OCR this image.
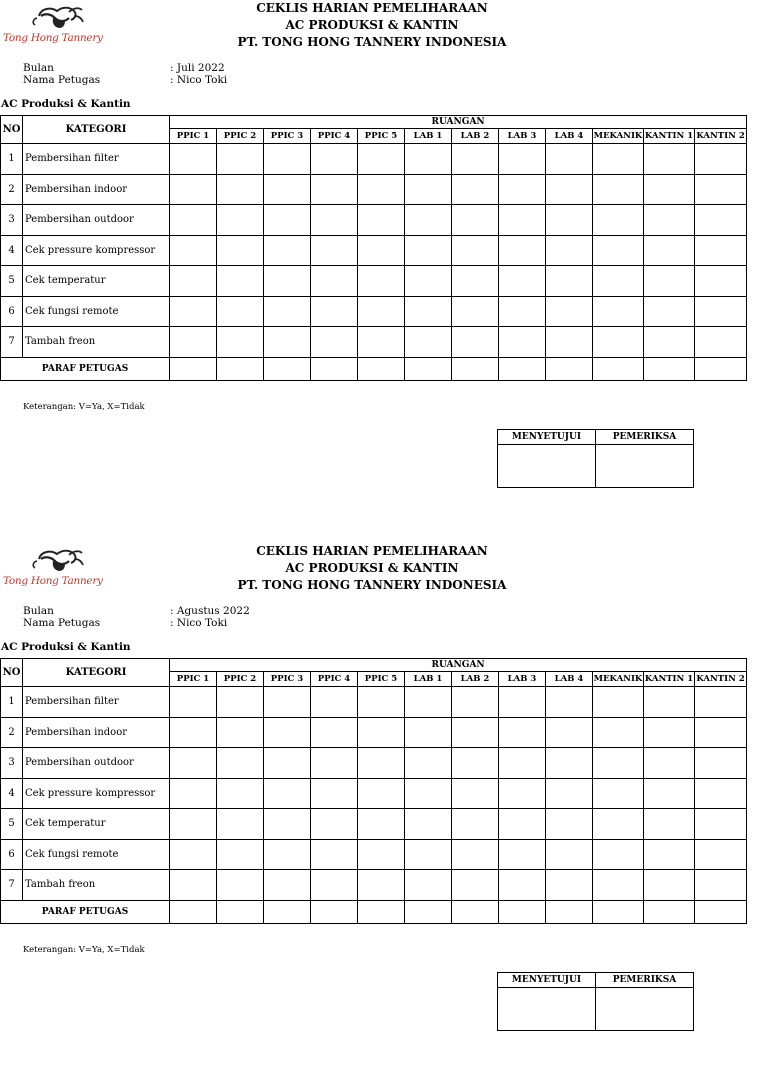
Tong Hong Tannery
CEKLIS HARIAN PEMELIHARAAN
AC PRODUKSI & KANTIN
PT. TONG HONG TANNERY INDONESIA
Bulan	: Juli 2022
Nama Petugas	: Nico Toki
AC Produksi & Kantin
NO	KATEGORI	RUANGAN											
		PPIC 1	PPIC 2	PPIC 3	PPIC 4	PPIC 5	LAB 1	LAB 2	LAB 3	LAB 4	MEKANIK	KANTIN 1	KANTIN 2
1	Pembersihan filter												
2	Pembersihan indoor												
3	Pembersihan outdoor												
4	Cek pressure kompressor												
5	Cek temperatur												
6	Cek fungsi remote												
7	Tambah freon												
PARAF PETUGAS													
Keterangan: V=Ya, X=Tidak
MENYETUJUI	PEMERIKSA

Tong Hong Tannery
CEKLIS HARIAN PEMELIHARAAN
AC PRODUKSI & KANTIN
PT. TONG HONG TANNERY INDONESIA
Bulan	: Agustus 2022
Nama Petugas	: Nico Toki
AC Produksi & Kantin
NO	KATEGORI	RUANGAN											
		PPIC 1	PPIC 2	PPIC 3	PPIC 4	PPIC 5	LAB 1	LAB 2	LAB 3	LAB 4	MEKANIK	KANTIN 1	KANTIN 2
1	Pembersihan filter												
2	Pembersihan indoor												
3	Pembersihan outdoor												
4	Cek pressure kompressor												
5	Cek temperatur												
6	Cek fungsi remote												
7	Tambah freon												
PARAF PETUGAS													
Keterangan: V=Ya, X=Tidak
MENYETUJUI	PEMERIKSA
